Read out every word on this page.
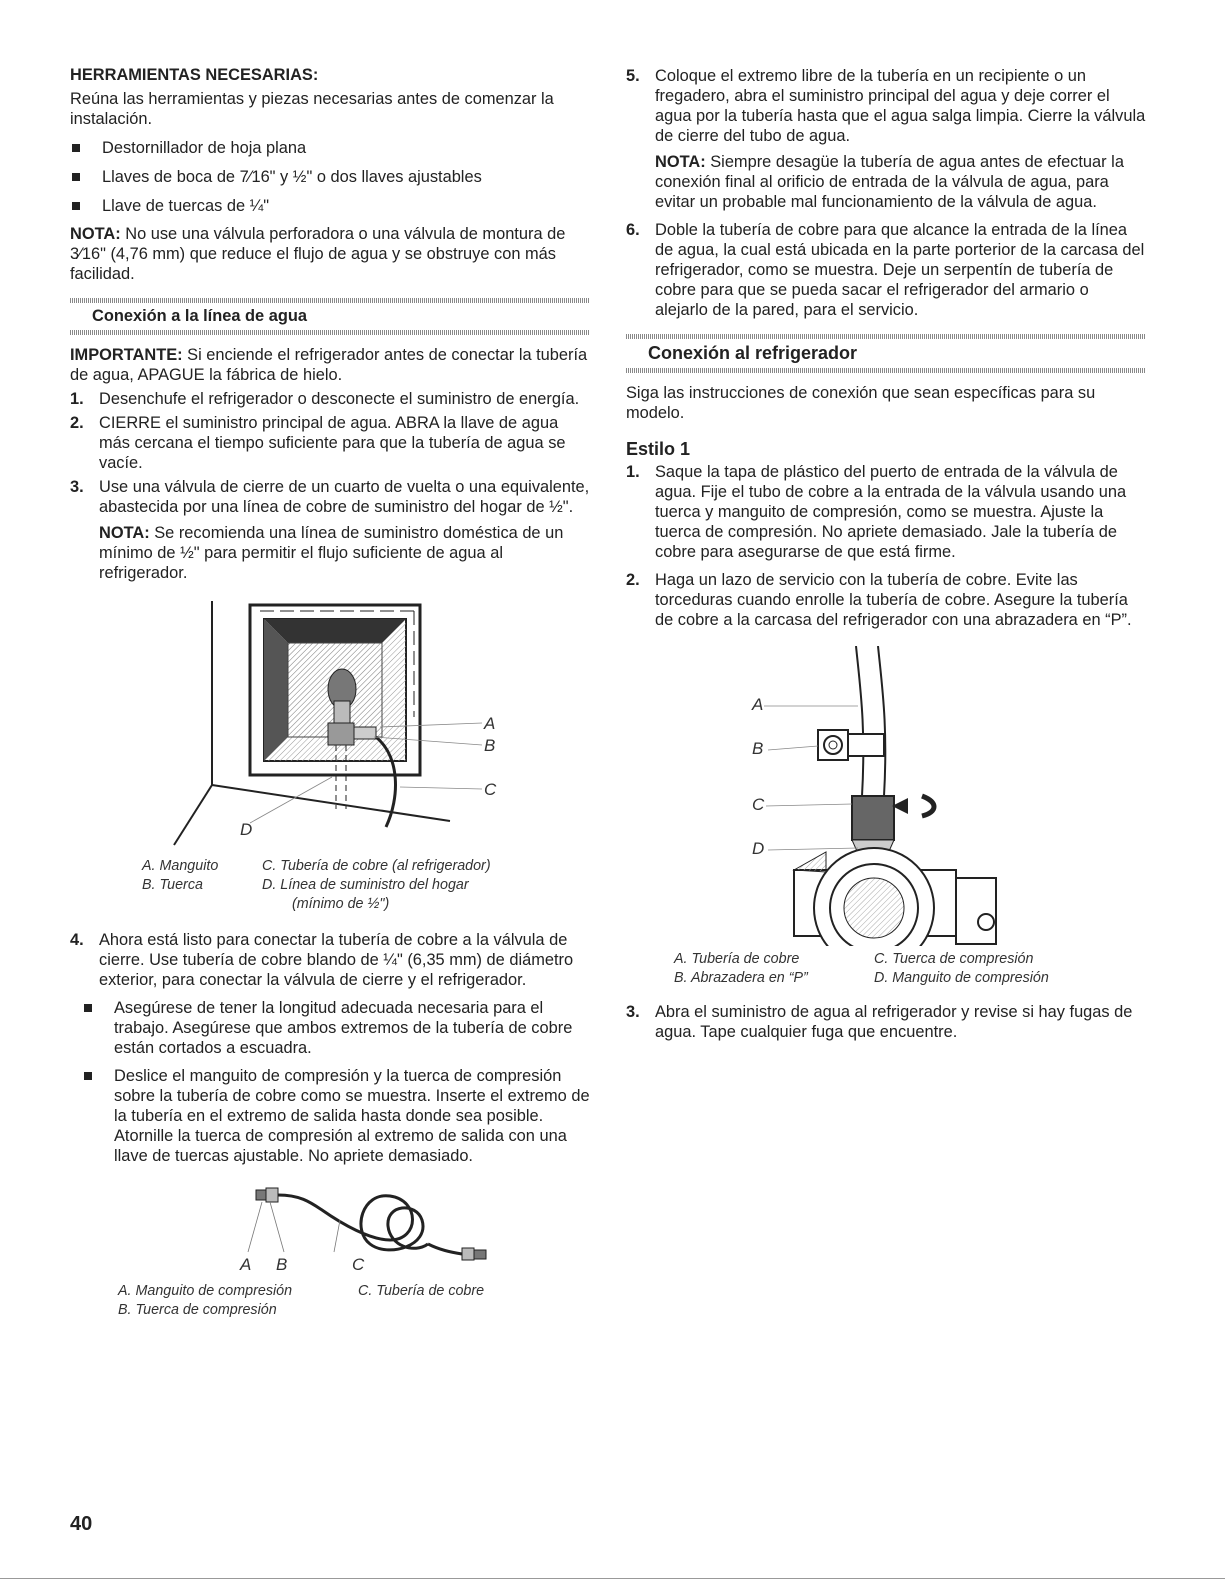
HERRAMIENTAS NECESARIAS:

Reúna las herramientas y piezas necesarias antes de comenzar la instalación.

Destornillador de hoja plana
Llaves de boca de 7⁄16" y ½" o dos llaves ajustables
Llave de tuercas de ¼"

NOTA: No use una válvula perforadora o una válvula de montura de 3⁄16" (4,76 mm) que reduce el flujo de agua y se obstruye con más facilidad.

Conexión a la línea de agua

IMPORTANTE: Si enciende el refrigerador antes de conectar la tubería de agua, APAGUE la fábrica de hielo.

1. Desenchufe el refrigerador o desconecte el suministro de energía.
2. CIERRE el suministro principal de agua. ABRA la llave de agua más cercana el tiempo suficiente para que la tubería de agua se vacíe.
3. Use una válvula de cierre de un cuarto de vuelta o una equivalente, abastecida por una línea de cobre de suministro del hogar de ½".

NOTA: Se recomienda una línea de suministro doméstica de un mínimo de ½" para permitir el flujo suficiente de agua al refrigerador.

A
B
C
D
A. Manguito
B. Tuerca
C. Tubería de cobre (al refrigerador)
D. Línea de suministro del hogar
(mínimo de ½")
4. Ahora está listo para conectar la tubería de cobre a la válvula de cierre. Use tubería de cobre blando de ¼" (6,35 mm) de diámetro exterior, para conectar la válvula de cierre y el refrigerador.
Asegúrese de tener la longitud adecuada necesaria para el trabajo. Asegúrese que ambos extremos de la tubería de cobre están cortados a escuadra.
Deslice el manguito de compresión y la tuerca de compresión sobre la tubería de cobre como se muestra. Inserte el extremo de la tubería en el extremo de salida hasta donde sea posible. Atornille la tuerca de compresión al extremo de salida con una llave de tuercas ajustable. No apriete demasiado.
A B	C
A. Manguito de compresión
B. Tuerca de compresión
C. Tubería de cobre
5. Coloque el extremo libre de la tubería en un recipiente o un fregadero, abra el suministro principal del agua y deje correr el agua por la tubería hasta que el agua salga limpia. Cierre la válvula de cierre del tubo de agua.

NOTA: Siempre desagüe la tubería de agua antes de efectuar la conexión final al orificio de entrada de la válvula de agua, para evitar un probable mal funcionamiento de la válvula de agua.

6. Doble la tubería de cobre para que alcance la entrada de la línea de agua, la cual está ubicada en la parte porterior de la carcasa del refrigerador, como se muestra. Deje un serpentín de tubería de cobre para que se pueda sacar el refrigerador del armario o alejarlo de la pared, para el servicio.
Conexión al refrigerador

Siga las instrucciones de conexión que sean específicas para su modelo.

Estilo 1
1. Saque la tapa de plástico del puerto de entrada de la válvula de agua. Fije el tubo de cobre a la entrada de la válvula usando una tuerca y manguito de compresión, como se muestra. Ajuste la tuerca de compresión. No apriete demasiado. Jale la tubería de cobre para asegurarse de que está firme.
2. Haga un lazo de servicio con la tubería de cobre. Evite las torceduras cuando enrolle la tubería de cobre. Asegure la tubería de cobre a la carcasa del refrigerador con una abrazadera en “P”.
A
B
C
D
A. Tubería de cobre
B. Abrazadera en “P”
C. Tuerca de compresión
D. Manguito de compresión
3. Abra el suministro de agua al refrigerador y revise si hay fugas de agua. Tape cualquier fuga que encuentre.
40
